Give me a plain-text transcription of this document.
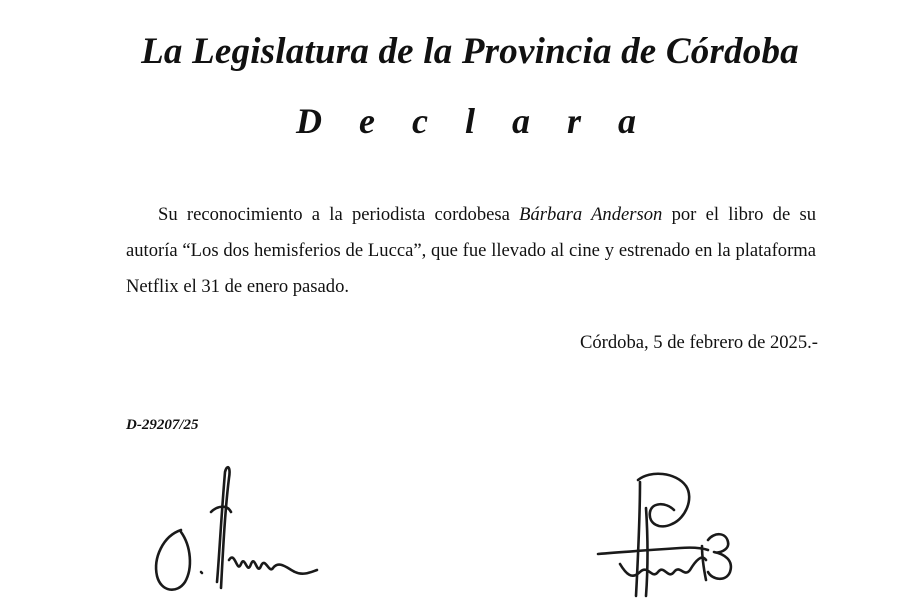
La Legislatura de la Provincia de Córdoba
D e c l a r a

Su reconocimiento a la periodista cordobesa Bárbara Anderson por el libro de su autoría “Los dos hemisferios de Lucca”, que fue llevado al cine y estrenado en la plataforma Netflix el 31 de enero pasado.

Córdoba, 5 de febrero de 2025.-
D-29207/25
